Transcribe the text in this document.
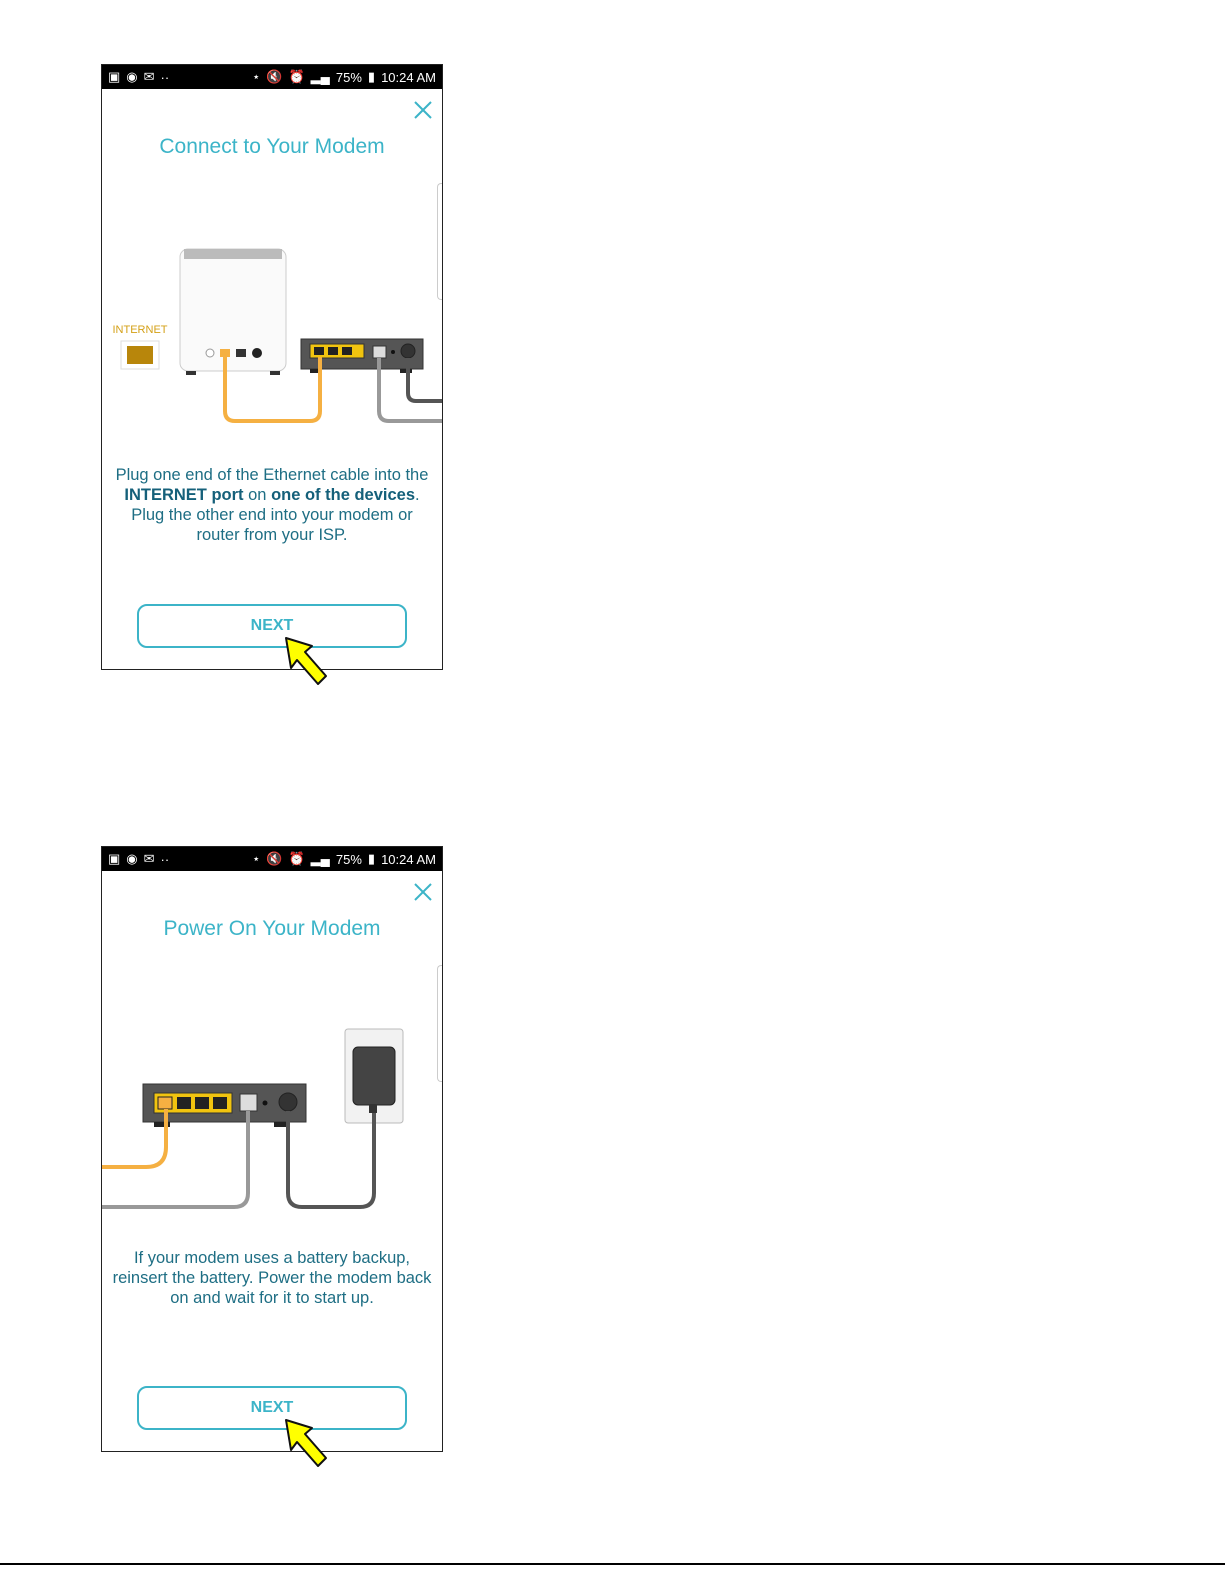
▣ ◉ ✉ ··	⋆ 🔇 ⏰ ▂▄ 75% ▮ 10:24 AM
Connect to Your Modem
INTERNET
Plug one end of the Ethernet cable into the INTERNET port on one of the devices. Plug the other end into your modem or router from your ISP.
NEXT
▣ ◉ ✉ ··	⋆ 🔇 ⏰ ▂▄ 75% ▮ 10:24 AM
Power On Your Modem
If your modem uses a battery backup, reinsert the battery. Power the modem back on and wait for it to start up.
NEXT
